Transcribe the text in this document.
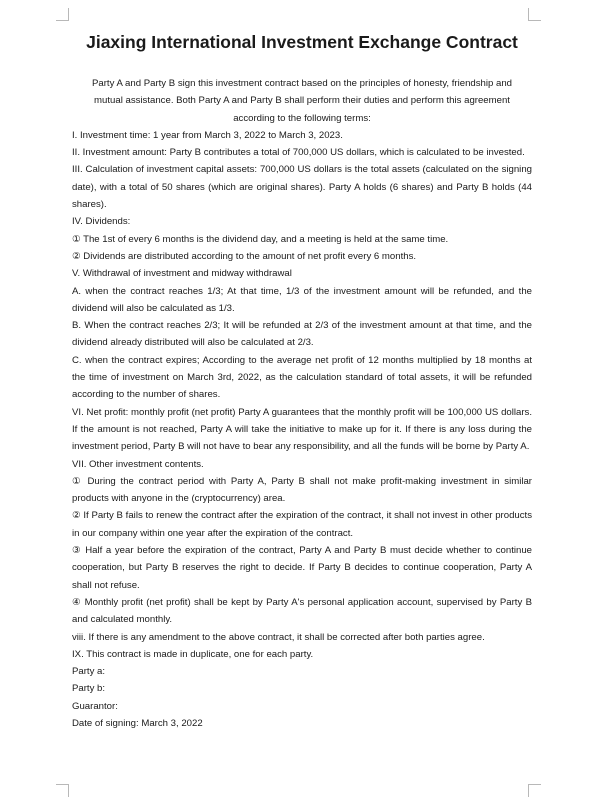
Jiaxing International Investment Exchange Contract

Party A and Party B sign this investment contract based on the principles of honesty, friendship and

mutual assistance. Both Party A and Party B shall perform their duties and perform this agreement

according to the following terms:

I. Investment time: 1 year from March 3, 2022 to March 3, 2023.

II. Investment amount: Party B contributes a total of 700,000 US dollars, which is calculated to be invested.

III. Calculation of investment capital assets: 700,000 US dollars is the total assets (calculated on the signing date), with a total of 50 shares (which are original shares). Party A holds (6 shares) and Party B holds (44 shares).

IV. Dividends:

① The 1st of every 6 months is the dividend day, and a meeting is held at the same time.

② Dividends are distributed according to the amount of net profit every 6 months.

V. Withdrawal of investment and midway withdrawal

A. when the contract reaches 1/3; At that time, 1/3 of the investment amount will be refunded, and the dividend will also be calculated as 1/3.

B. When the contract reaches 2/3; It will be refunded at 2/3 of the investment amount at that time, and the dividend already distributed will also be calculated at 2/3.

C. when the contract expires; According to the average net profit of 12 months multiplied by 18 months at the time of investment on March 3rd, 2022, as the calculation standard of total assets, it will be refunded according to the number of shares.

VI. Net profit: monthly profit (net profit) Party A guarantees that the monthly profit will be 100,000 US dollars. If the amount is not reached, Party A will take the initiative to make up for it. If there is any loss during the investment period, Party B will not have to bear any responsibility, and all the funds will be borne by Party A.

VII. Other investment contents.

① During the contract period with Party A, Party B shall not make profit-making investment in similar products with anyone in the (cryptocurrency) area.

② If Party B fails to renew the contract after the expiration of the contract, it shall not invest in other products in our company within one year after the expiration of the contract.

③ Half a year before the expiration of the contract, Party A and Party B must decide whether to continue cooperation, but Party B reserves the right to decide. If Party B decides to continue cooperation, Party A shall not refuse.

④ Monthly profit (net profit) shall be kept by Party A's personal application account, supervised by Party B and calculated monthly.

viii. If there is any amendment to the above contract, it shall be corrected after both parties agree.

IX. This contract is made in duplicate, one for each party.

Party a:

Party b:

Guarantor:

Date of signing: March 3, 2022
